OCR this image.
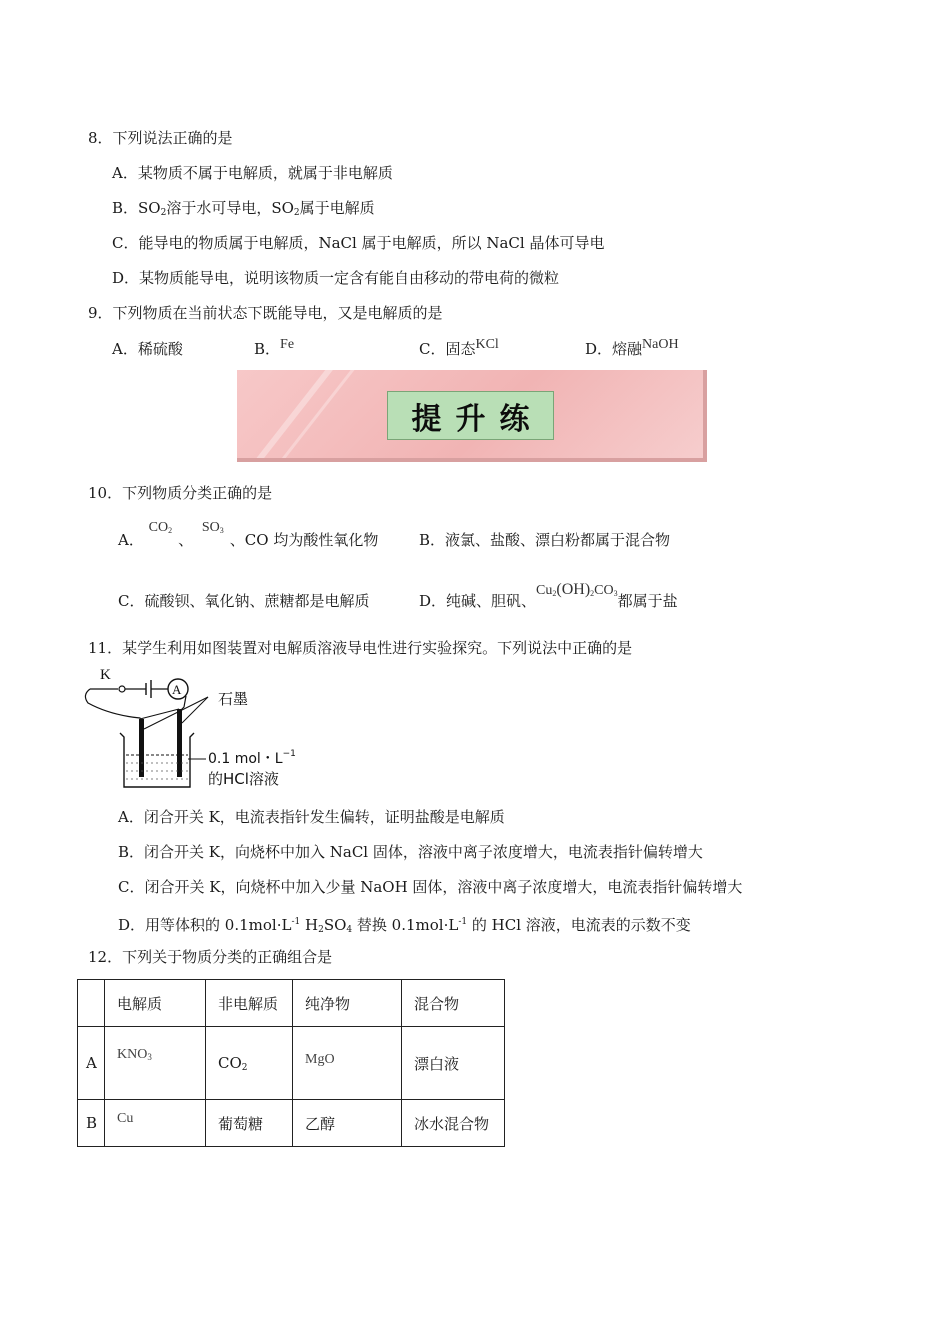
8．下列说法正确的是
A．某物质不属于电解质，就属于非电解质
B．$SO_2$溶于水可导电，$SO_2$属于电解质
C．能导电的物质属于电解质，NaCl 属于电解质，所以 NaCl 晶体可导电
D．某物质能导电，说明该物质一定含有能自由移动的带电荷的微粒
9．下列物质在当前状态下既能导电，又是电解质的是
A．稀硫酸	B．Fe	C．固态KCl	D．熔融NaOH
提升练
10．下列物质分类正确的是
A． $CO_2$、 $SO_3$、CO 均为酸性氧化物	B．液氯、盐酸、漂白粉都属于混合物
C．硫酸钡、氧化钠、蔗糖都是电解质	D．纯碱、胆矾、$Cu_2(OH)_2CO_3$都属于盐
11．某学生利用如图装置对电解质溶液导电性进行实验探究。下列说法中正确的是
K
A
石墨
0.1 mol・$L^{-1}$
的HCl溶液
A．闭合开关 K，电流表指针发生偏转，证明盐酸是电解质
B．闭合开关 K，向烧杯中加入 NaCl 固体，溶液中离子浓度增大，电流表指针偏转增大
C．闭合开关 K，向烧杯中加入少量 NaOH 固体，溶液中离子浓度增大，电流表指针偏转增大
D．用等体积的 $0.1mol\cdot L^{-1}$ $H_2SO_4$ 替换 $0.1mol\cdot L^{-1}$ 的 HCl 溶液，电流表的示数不变
12．下列关于物质分类的正确组合是
	电解质	非电解质	纯净物	混合物
A	$KNO_3$	$CO_2$	MgO	漂白液
B	Cu	葡萄糖	乙醇	冰水混合物
